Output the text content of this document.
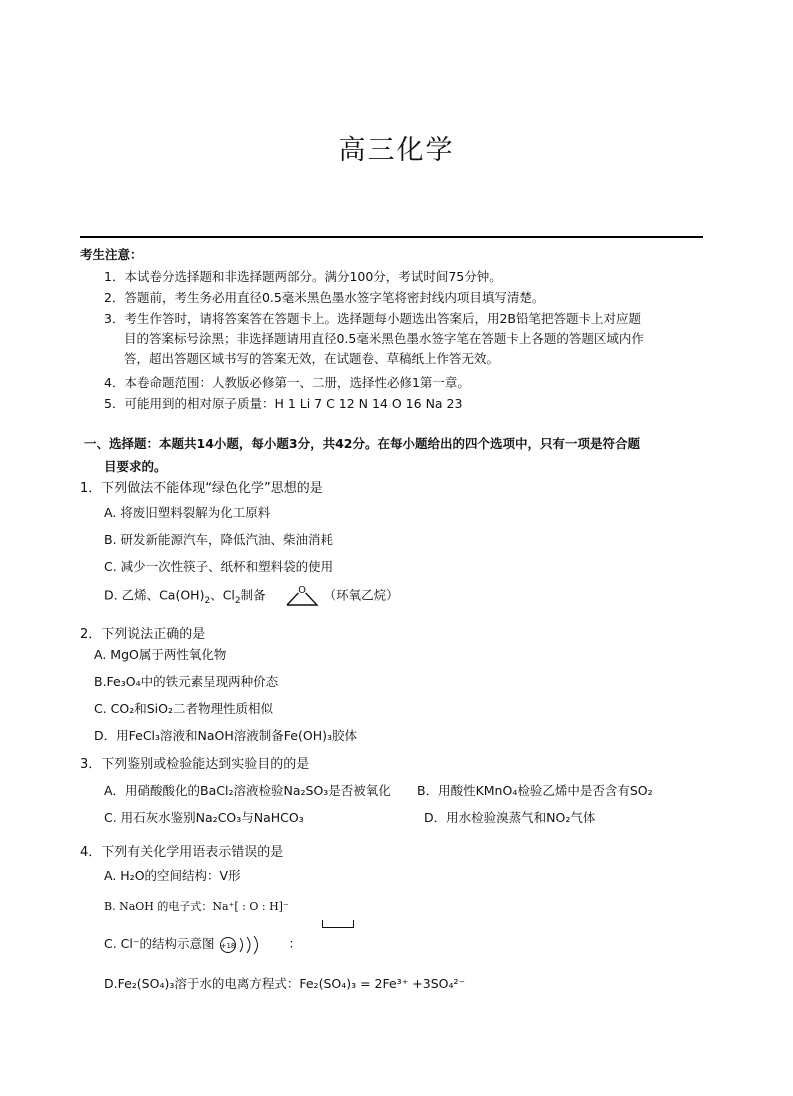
高三化学
考生注意：
1．本试卷分选择题和非选择题两部分。满分100分，考试时间75分钟。
2．答题前，考生务必用直径0.5毫米黑色墨水签字笔将密封线内项目填写清楚。
3．考生作答时，请将答案答在答题卡上。选择题每小题选出答案后，用2B铅笔把答题卡上对应题
目的答案标号涂黑；非选择题请用直径0.5毫米黑色墨水签字笔在答题卡上各题的答题区域内作
答，超出答题区域书写的答案无效，在试题卷、草稿纸上作答无效。
4．本卷命题范围：人教版必修第一、二册，选择性必修1第一章。
5．可能用到的相对原子质量：H 1 Li 7 C 12 N 14 O 16 Na 23
一、选择题：本题共14小题，每小题3分，共42分。在每小题给出的四个选项中，只有一项是符合题
目要求的。
1．下列做法不能体现“绿色化学”思想的是
A. 将废旧塑料裂解为化工原料
B. 研发新能源汽车，降低汽油、柴油消耗
C. 减少一次性筷子、纸杯和塑料袋的使用
D. 乙烯、$Ca(OH)_2$、$Cl_2$制备	O （环氧乙烷）
2．下列说法正确的是
A. MgO属于两性氧化物
B.Fe₃O₄中的铁元素呈现两种价态
C. CO₂和SiO₂二者物理性质相似
D．用FeCl₃溶液和NaOH溶液制备Fe(OH)₃胶体
3．下列鉴别或检验能达到实验目的的是
A．用硝酸酸化的BaCl₂溶液检验Na₂SO₃是否被氧化 B．用酸性KMnO₄检验乙烯中是否含有SO₂
C. 用石灰水鉴别Na₂CO₃与NaHCO₃	D．用水检验溴蒸气和NO₂气体
4．下列有关化学用语表示错误的是
A. H₂O的空间结构：V形
B. NaOH 的电子式：Na⁺[ : O : H]⁻
C. Cl⁻的结构示意图 +18	：
D.Fe₂(SO₄)₃溶于水的电离方程式：Fe₂(SO₄)₃ = 2Fe³⁺ +3SO₄²⁻
